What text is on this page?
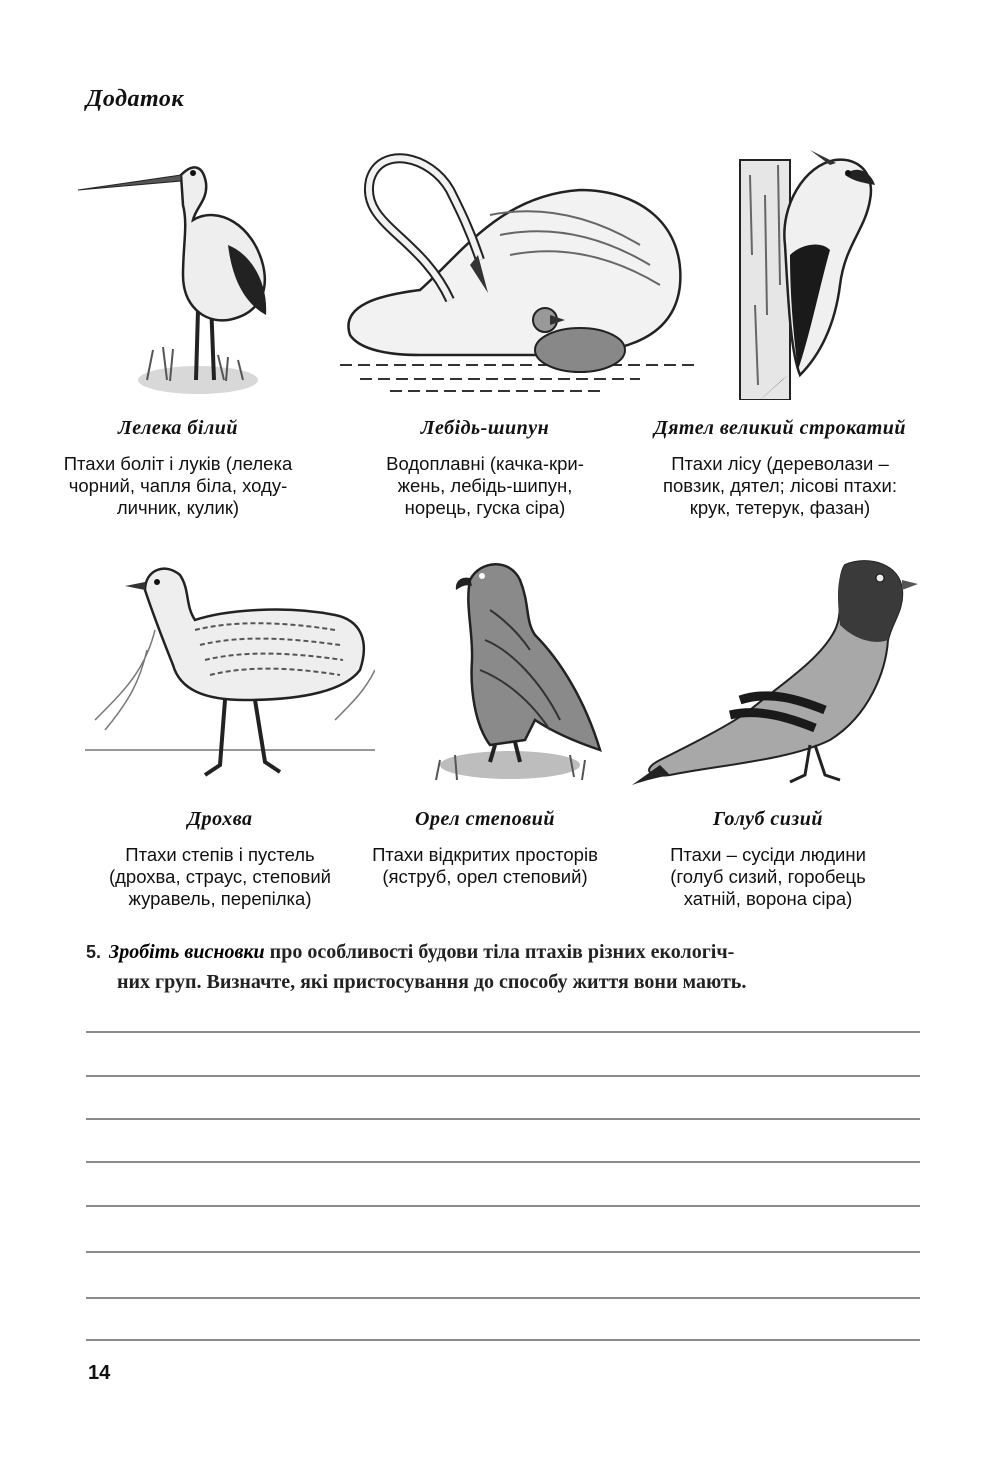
Додаток
Лелека білий
Птахи боліт і луків (лелека
чорний, чапля біла, ходу-
личник, кулик)
Лебідь-шипун
Водоплавні (качка-кри-
жень, лебідь-шипун,
норець, гуска сіра)
Дятел великий строкатий
Птахи лісу (дереволази –
повзик, дятел; лісові птахи:
крук, тетерук, фазан)
Дрохва
Птахи степів і пустель
(дрохва, страус, степовий
журавель, перепілка)
Орел степовий
Птахи відкритих просторів
(яструб, орел степовий)
Голуб сизий
Птахи – сусіди людини
(голуб сизий, горобець
хатній, ворона сіра)
5. Зробіть висновки про особливості будови тіла птахів різних екологіч-
них груп. Визначте, які пристосування до способу життя вони мають.
14
